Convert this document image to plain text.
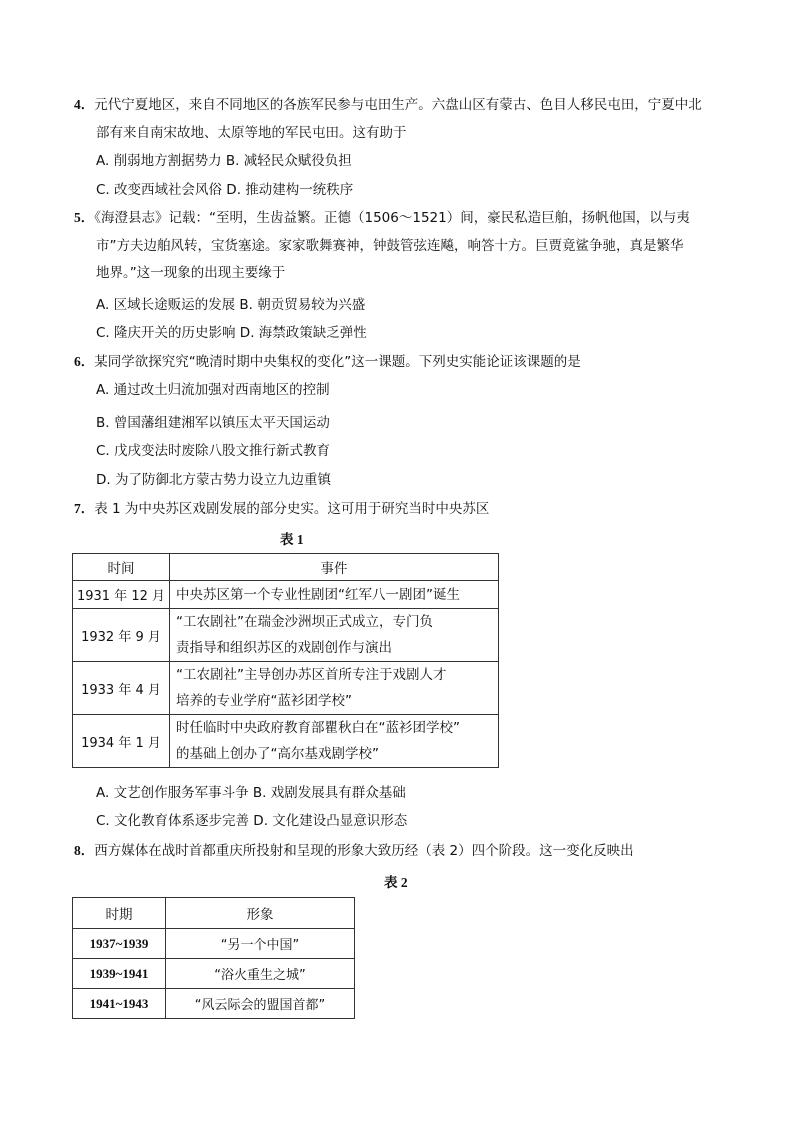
4．元代宁夏地区，来自不同地区的各族军民参与屯田生产。六盘山区有蒙古、色目人移民屯田，宁夏中北
部有来自南宋故地、太原等地的军民屯田。这有助于
A. 削弱地方割据势力 B. 减轻民众赋役负担
C. 改变西域社会风俗 D. 推动建构一统秩序
5．《海澄县志》记载：“至明，生齿益繁。正德（1506～1521）间，豪民私造巨舶，扬帆他国，以与夷
市”方夫边舶风转，宝货塞途。家家歌舞赛神，钟鼓管弦连飚，响答十方。巨贾竟鲨争驰，真是繁华
地界。”这一现象的出现主要缘于
A. 区域长途贩运的发展 B. 朝贡贸易较为兴盛
C. 隆庆开关的历史影响 D. 海禁政策缺乏弹性
6．某同学欲探究究“晚清时期中央集权的变化”这一课题。下列史实能论证该课题的是
A. 通过改土归流加强对西南地区的控制
B. 曾国藩组建湘军以镇压太平天国运动
C. 戊戌变法时废除八股文推行新式教育
D. 为了防御北方蒙古势力设立九边重镇
7．表 1 为中央苏区戏剧发展的部分史实。这可用于研究当时中央苏区
表 1
时间	事件
1931 年 12 月	中央苏区第一个专业性剧团“红军八一剧团”诞生
1932 年 9 月	“工农剧社”在瑞金沙洲坝正式成立，专门负
责指导和组织苏区的戏剧创作与演出

1933 年 4 月	“工农剧社”主导创办苏区首所专注于戏剧人才
培养的专业学府“蓝衫团学校”

1934 年 1 月	时任临时中央政府教育部瞿秋白在“蓝衫团学校”
的基础上创办了“高尔基戏剧学校”
A. 文艺创作服务军事斗争 B. 戏剧发展具有群众基础
C. 文化教育体系逐步完善 D. 文化建设凸显意识形态
8．西方媒体在战时首都重庆所投射和呈现的形象大致历经（表 2）四个阶段。这一变化反映出
表 2
时期	形象
1937~1939	“另一个中国”
1939~1941	“浴火重生之城”
1941~1943	“风云际会的盟国首都”
